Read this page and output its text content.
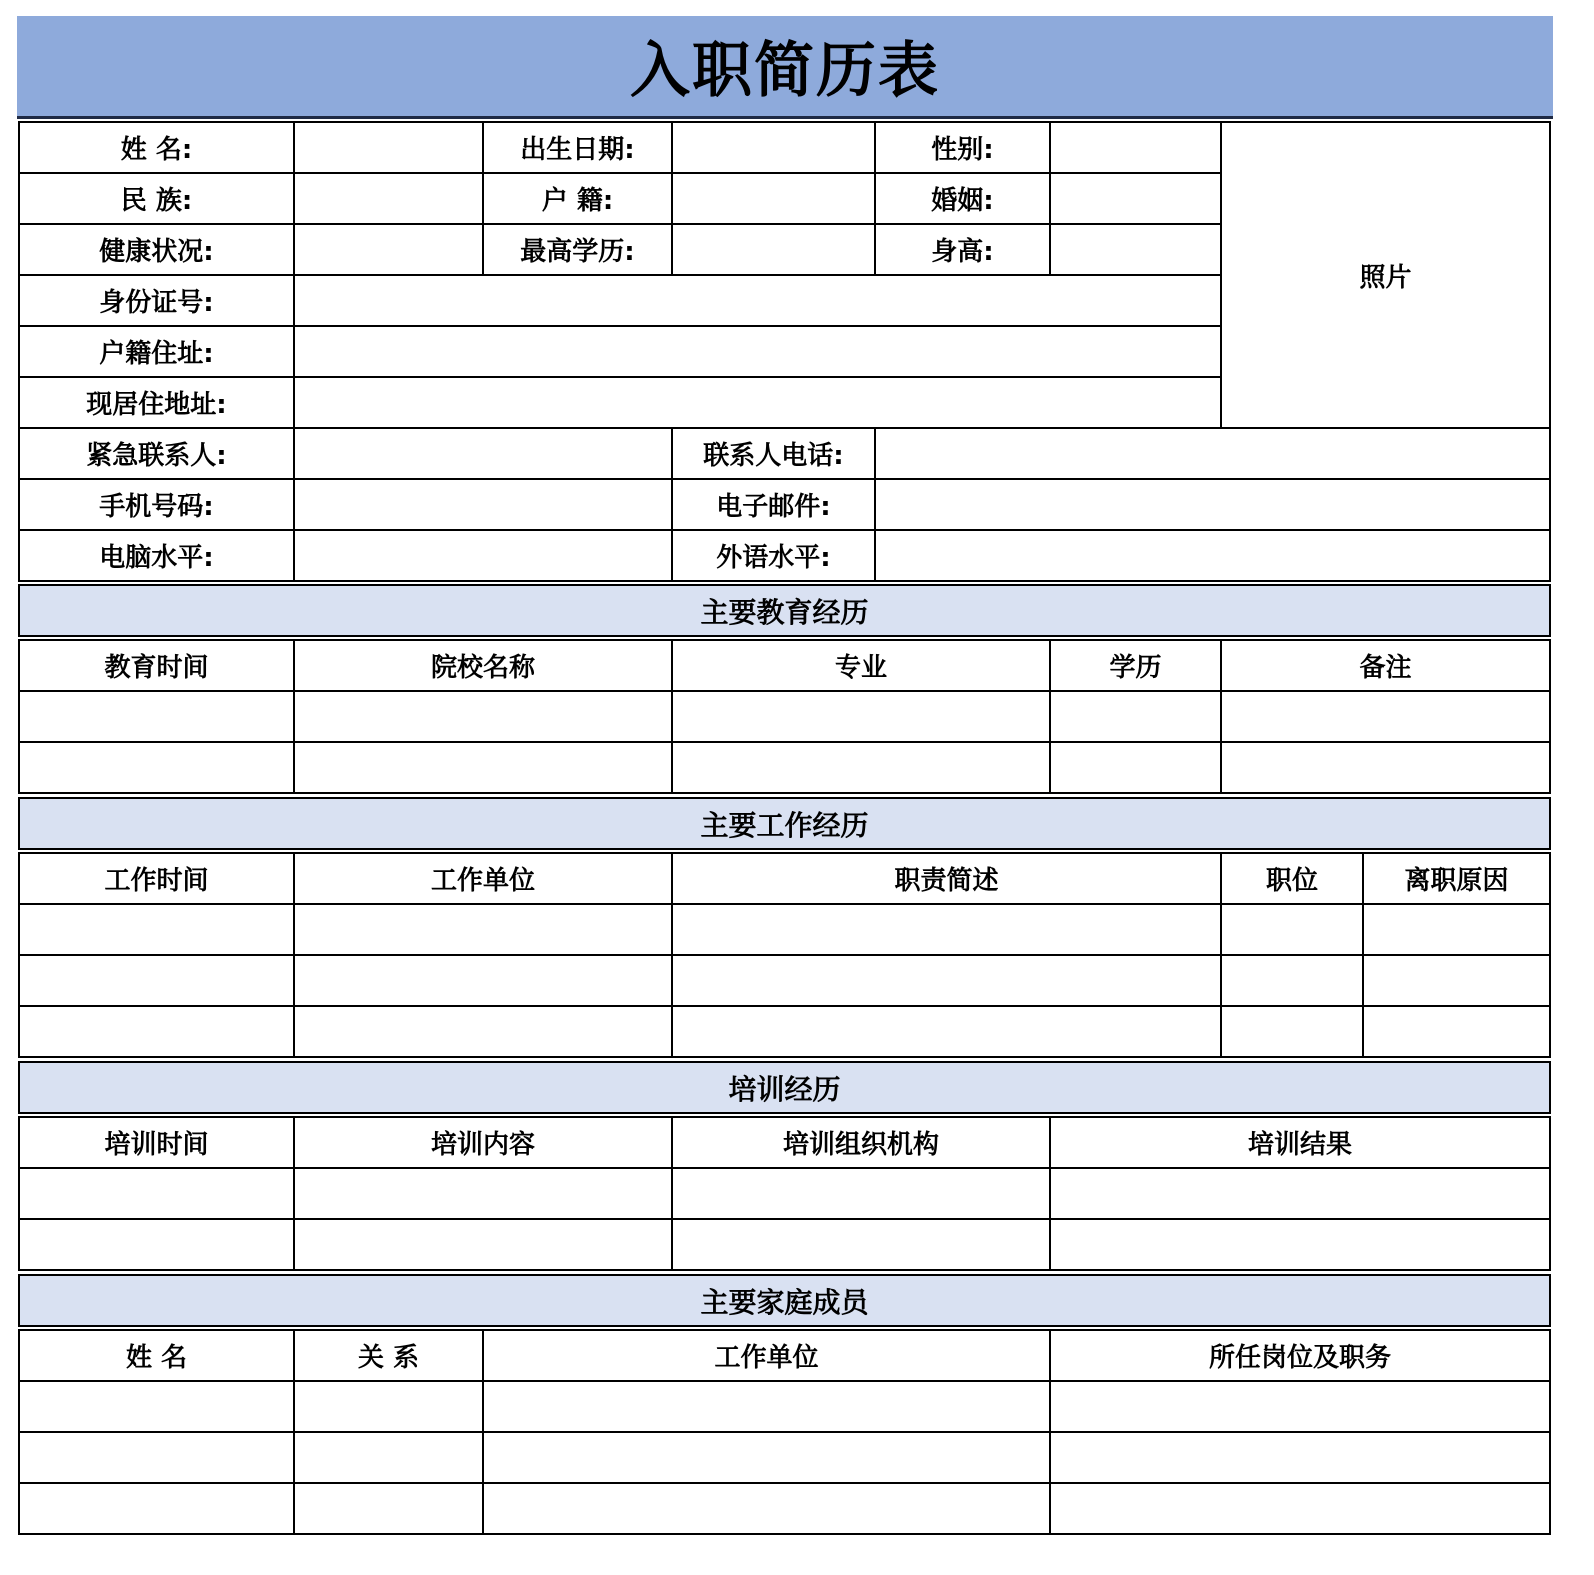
入职简历表
姓 名:	出生日期:	性别:
照片
民 族:	户 籍:	婚姻:
健康状况:	最高学历:	身高:
身份证号:
户籍住址:
现居住地址:
紧急联系人:	联系人电话:
手机号码:	电子邮件:
电脑水平:	外语水平:
主要教育经历
教育时间	院校名称	专业	学历	备注
主要工作经历
工作时间	工作单位	职责简述	职位	离职原因
培训经历
培训时间	培训内容	培训组织机构	培训结果
主要家庭成员
姓 名	关 系	工作单位	所任岗位及职务
